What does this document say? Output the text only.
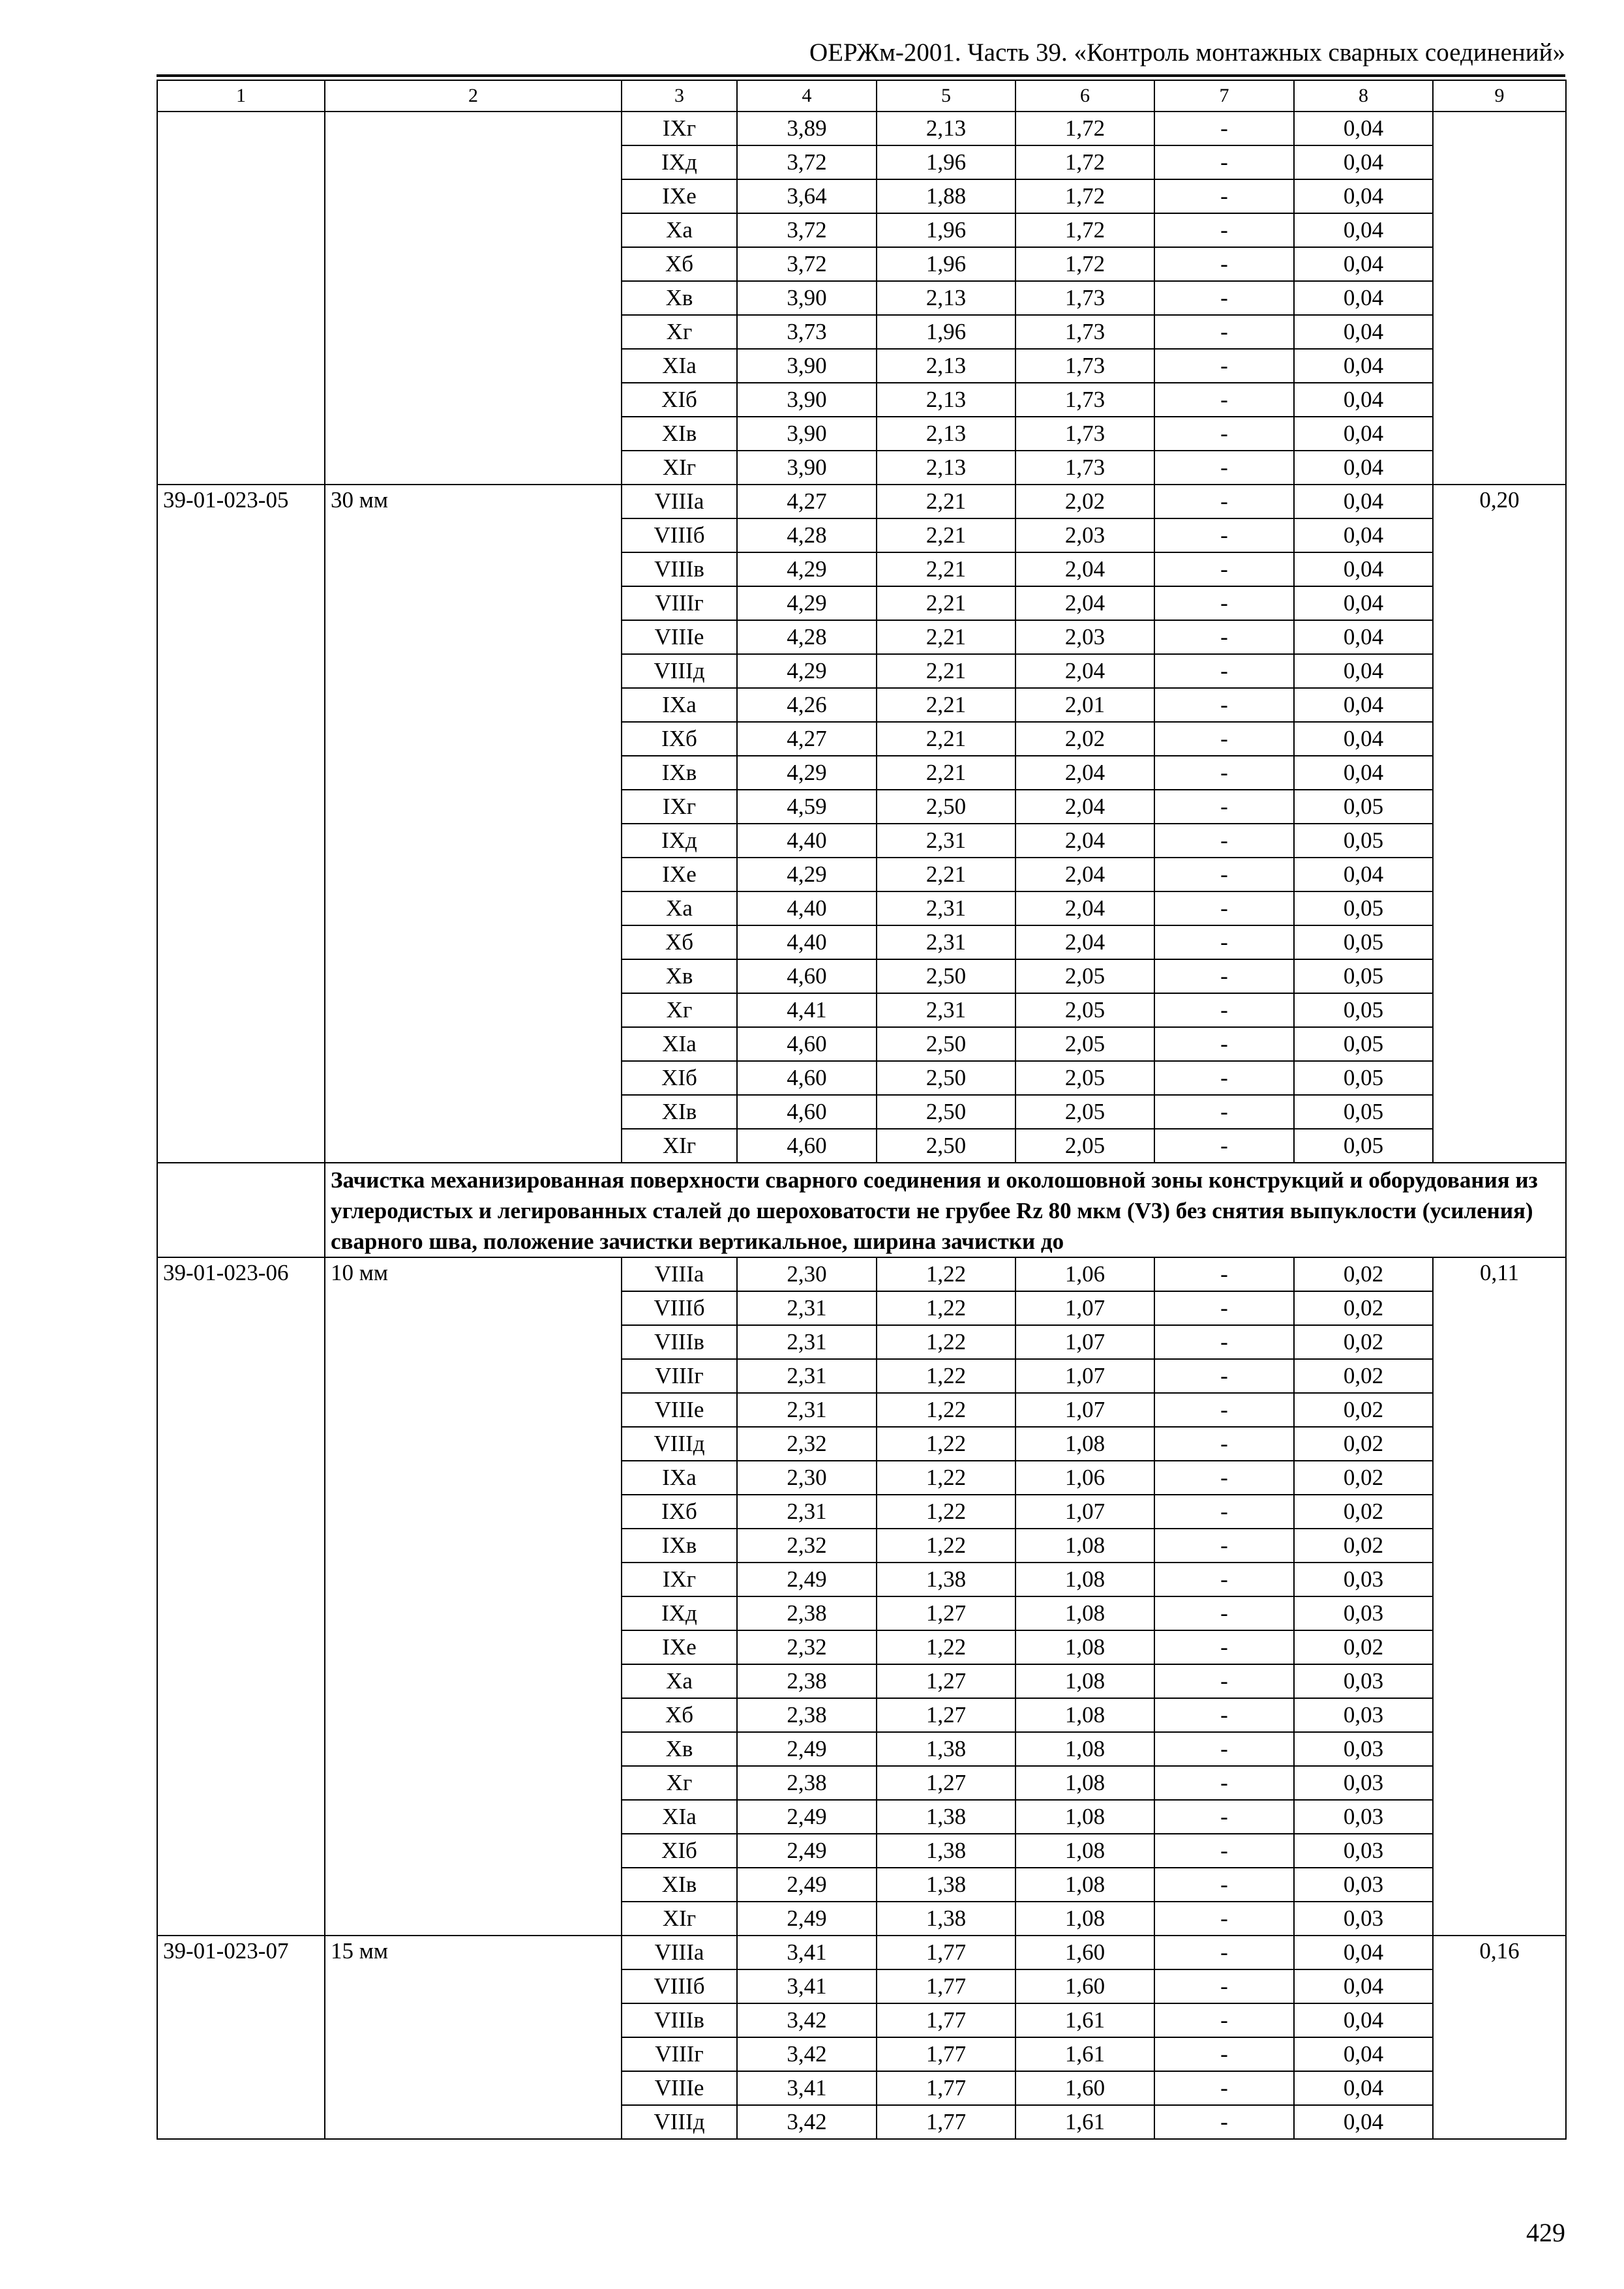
ОЕРЖм-2001. Часть 39. «Контроль монтажных сварных соединений»
1	2	3	4	5	6	7	8	9
		IXг	3,89	2,13	1,72	-	0,04	
		IXд	3,72	1,96	1,72	-	0,04	
		IXе	3,64	1,88	1,72	-	0,04	
		Xа	3,72	1,96	1,72	-	0,04	
		Xб	3,72	1,96	1,72	-	0,04	
		Xв	3,90	2,13	1,73	-	0,04	
		Xг	3,73	1,96	1,73	-	0,04	
		XIа	3,90	2,13	1,73	-	0,04	
		XIб	3,90	2,13	1,73	-	0,04	
		XIв	3,90	2,13	1,73	-	0,04	
		XIг	3,90	2,13	1,73	-	0,04	
39-01-023-05	30 мм	VIIIа	4,27	2,21	2,02	-	0,04	0,20
		VIIIб	4,28	2,21	2,03	-	0,04	
		VIIIв	4,29	2,21	2,04	-	0,04	
		VIIIг	4,29	2,21	2,04	-	0,04	
		VIIIе	4,28	2,21	2,03	-	0,04	
		VIIIд	4,29	2,21	2,04	-	0,04	
		IXа	4,26	2,21	2,01	-	0,04	
		IXб	4,27	2,21	2,02	-	0,04	
		IXв	4,29	2,21	2,04	-	0,04	
		IXг	4,59	2,50	2,04	-	0,05	
		IXд	4,40	2,31	2,04	-	0,05	
		IXе	4,29	2,21	2,04	-	0,04	
		Xа	4,40	2,31	2,04	-	0,05	
		Xб	4,40	2,31	2,04	-	0,05	
		Xв	4,60	2,50	2,05	-	0,05	
		Xг	4,41	2,31	2,05	-	0,05	
		XIа	4,60	2,50	2,05	-	0,05	
		XIб	4,60	2,50	2,05	-	0,05	
		XIв	4,60	2,50	2,05	-	0,05	
		XIг	4,60	2,50	2,05	-	0,05	
	Зачистка механизированная поверхности сварного соединения и околошовной зоны конструкций и оборудования из углеродистых и легированных сталей до шероховатости не грубее Rz 80 мкм (V3) без снятия выпуклости (усиления) сварного шва, положение зачистки вертикальное, ширина зачистки до							
39-01-023-06	10 мм	VIIIа	2,30	1,22	1,06	-	0,02	0,11
		VIIIб	2,31	1,22	1,07	-	0,02	
		VIIIв	2,31	1,22	1,07	-	0,02	
		VIIIг	2,31	1,22	1,07	-	0,02	
		VIIIе	2,31	1,22	1,07	-	0,02	
		VIIIд	2,32	1,22	1,08	-	0,02	
		IXа	2,30	1,22	1,06	-	0,02	
		IXб	2,31	1,22	1,07	-	0,02	
		IXв	2,32	1,22	1,08	-	0,02	
		IXг	2,49	1,38	1,08	-	0,03	
		IXд	2,38	1,27	1,08	-	0,03	
		IXе	2,32	1,22	1,08	-	0,02	
		Xа	2,38	1,27	1,08	-	0,03	
		Xб	2,38	1,27	1,08	-	0,03	
		Xв	2,49	1,38	1,08	-	0,03	
		Xг	2,38	1,27	1,08	-	0,03	
		XIа	2,49	1,38	1,08	-	0,03	
		XIб	2,49	1,38	1,08	-	0,03	
		XIв	2,49	1,38	1,08	-	0,03	
		XIг	2,49	1,38	1,08	-	0,03	
39-01-023-07	15 мм	VIIIа	3,41	1,77	1,60	-	0,04	0,16
		VIIIб	3,41	1,77	1,60	-	0,04	
		VIIIв	3,42	1,77	1,61	-	0,04	
		VIIIг	3,42	1,77	1,61	-	0,04	
		VIIIе	3,41	1,77	1,60	-	0,04	
		VIIIд	3,42	1,77	1,61	-	0,04	
429
